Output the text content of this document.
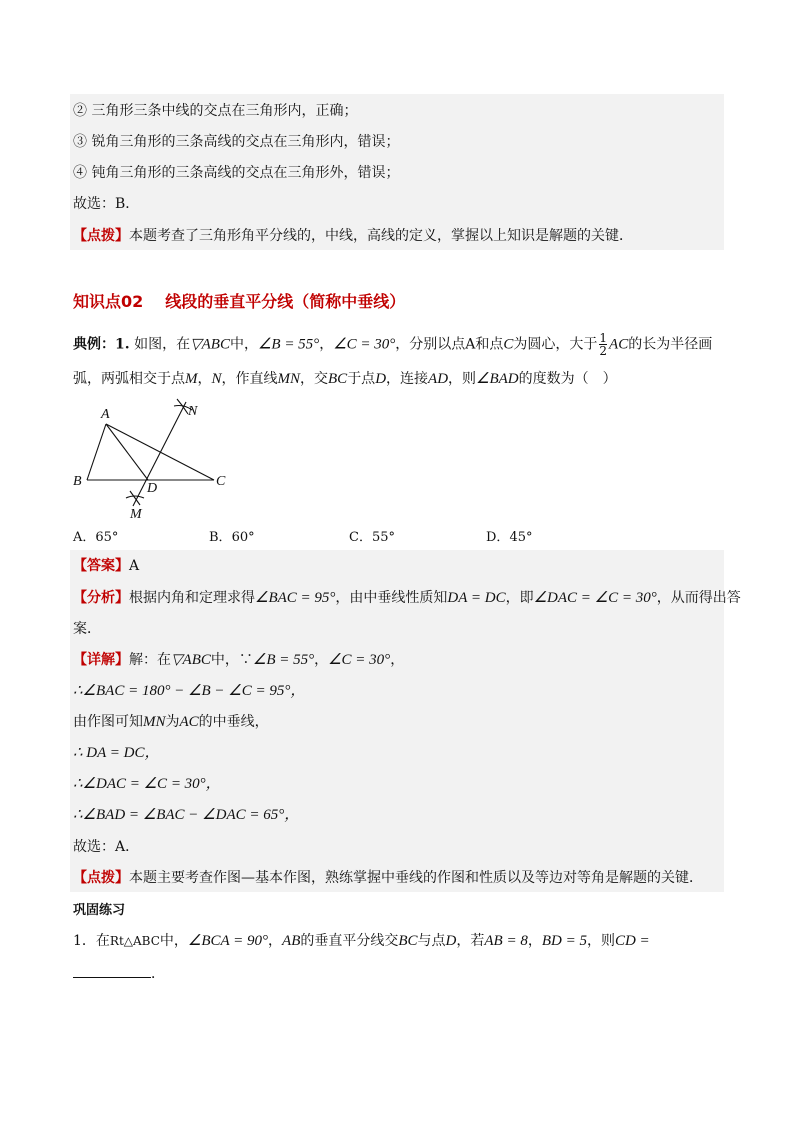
② 三角形三条中线的交点在三角形内，正确；
③ 锐角三角形的三条高线的交点在三角形内，错误；
④ 钝角三角形的三条高线的交点在三角形外，错误；
故选：B．
【点拨】本题考查了三角形角平分线的，中线，高线的定义，掌握以上知识是解题的关键．
知识点02 线段的垂直平分线（简称中垂线）
典例：1. 如图，在▽ABC中，∠B = 55°，∠C = 30°，分别以点A和点C为圆心，大于 $\frac{1}{2}$ AC的长为半径画
弧，两弧相交于点M，N，作直线MN，交BC于点D，连接AD，则∠BAD的度数为（　）
A
B	C
D
M
N
A．65°	B．60°	C．55°	D．45°
【答案】A
【分析】根据内角和定理求得∠BAC = 95°，由中垂线性质知DA = DC，即∠DAC = ∠C = 30°，从而得出答
案．
【详解】解：在▽ABC中，∵∠B = 55°，∠C = 30°，
∴∠BAC = 180° − ∠B − ∠C = 95°，
由作图可知MN为AC的中垂线，
∴ DA = DC，
∴∠DAC = ∠C = 30°，
∴∠BAD = ∠BAC − ∠DAC = 65°，
故选：A．
【点拨】本题主要考查作图—基本作图，熟练掌握中垂线的作图和性质以及等边对等角是解题的关键．
巩固练习
1．在Rt△ABC中，∠BCA = 90°，AB的垂直平分线交BC与点D，若AB = 8，BD = 5，则CD =
．
